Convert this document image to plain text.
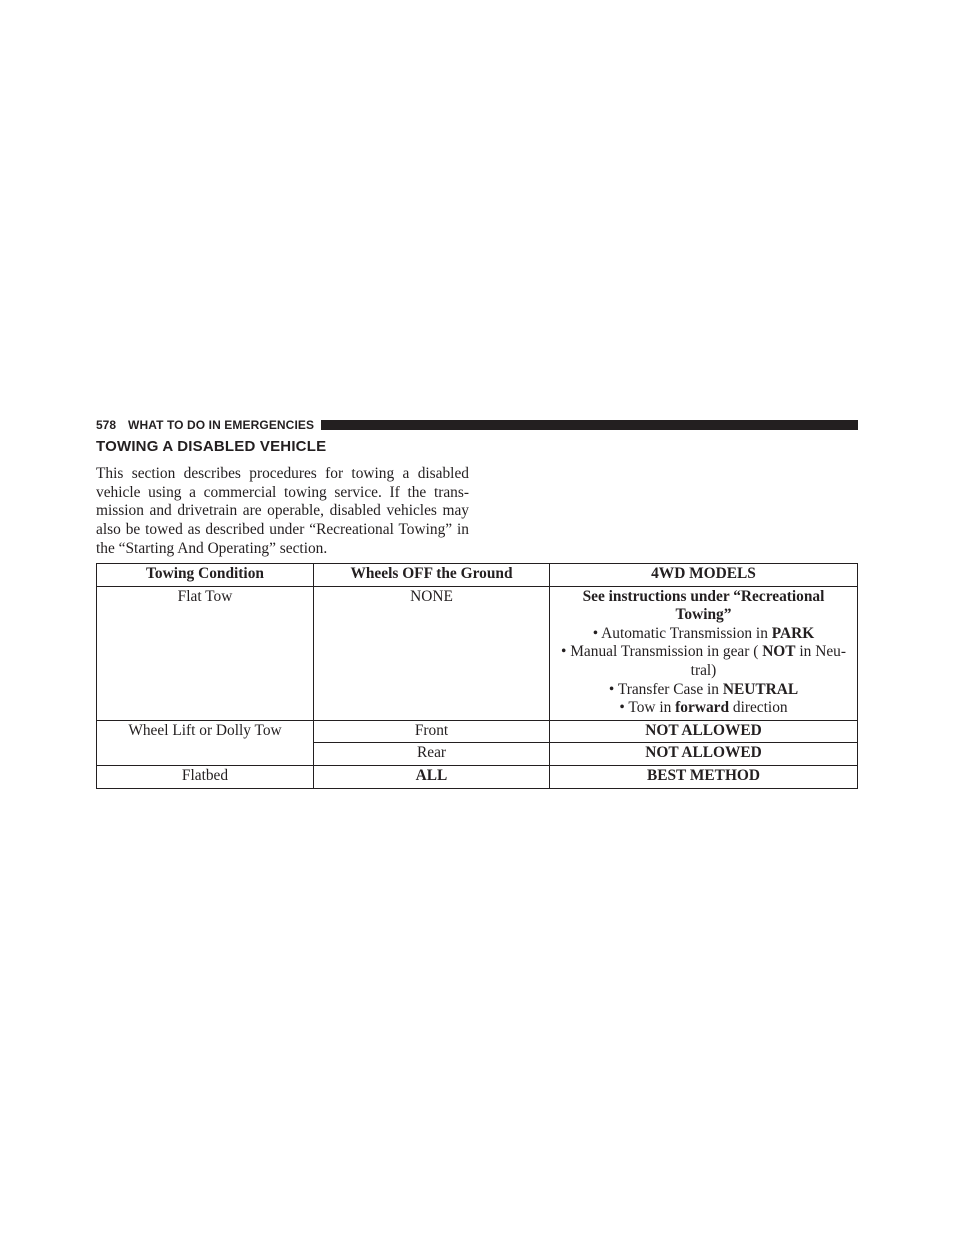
578 WHAT TO DO IN EMERGENCIES
TOWING A DISABLED VEHICLE

This section describes procedures for towing a disabled vehicle using a commercial towing service. If the trans- mission and drivetrain are operable, disabled vehicles may also be towed as described under “Recreational Towing” in the “Starting And Operating” section.

Towing Condition	Wheels OFF the Ground	4WD MODELS
Flat Tow	NONE	See instructions under “Recreational Towing”
• Automatic Transmission in PARK
• Manual Transmission in gear ( NOT in Neu- tral)
• Transfer Case in NEUTRAL
• Tow in forward direction

Wheel Lift or Dolly Tow	Front	NOT ALLOWED
	Rear	NOT ALLOWED
Flatbed	ALL	BEST METHOD
